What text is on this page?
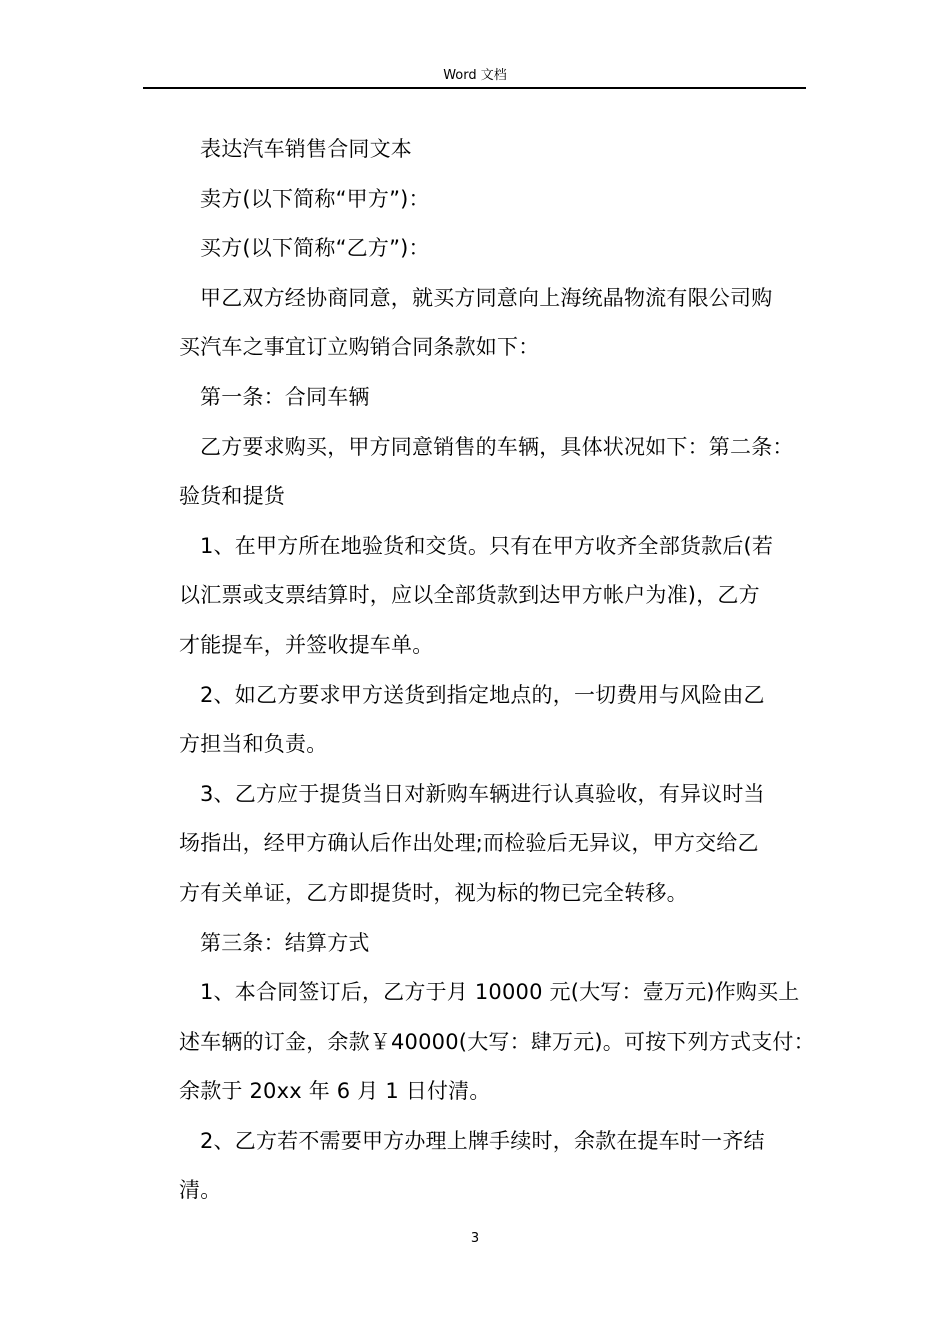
Word 文档
表达汽车销售合同文本
卖方(以下简称“甲方”)：
买方(以下简称“乙方”)：
甲乙双方经协商同意，就买方同意向上海统晶物流有限公司购
买汽车之事宜订立购销合同条款如下：
第一条：合同车辆
乙方要求购买，甲方同意销售的车辆，具体状况如下：第二条：
验货和提货
1、在甲方所在地验货和交货。只有在甲方收齐全部货款后(若
以汇票或支票结算时，应以全部货款到达甲方帐户为准)，乙方
才能提车，并签收提车单。
2、如乙方要求甲方送货到指定地点的，一切费用与风险由乙
方担当和负责。
3、乙方应于提货当日对新购车辆进行认真验收，有异议时当
场指出，经甲方确认后作出处理;而检验后无异议，甲方交给乙
方有关单证，乙方即提货时，视为标的物已完全转移。
第三条：结算方式
1、本合同签订后，乙方于月 10000 元(大写：壹万元)作购买上
述车辆的订金，余款￥40000(大写：肆万元)。可按下列方式支付：
余款于 20xx 年 6 月 1 日付清。
2、乙方若不需要甲方办理上牌手续时，余款在提车时一齐结
清。
3
